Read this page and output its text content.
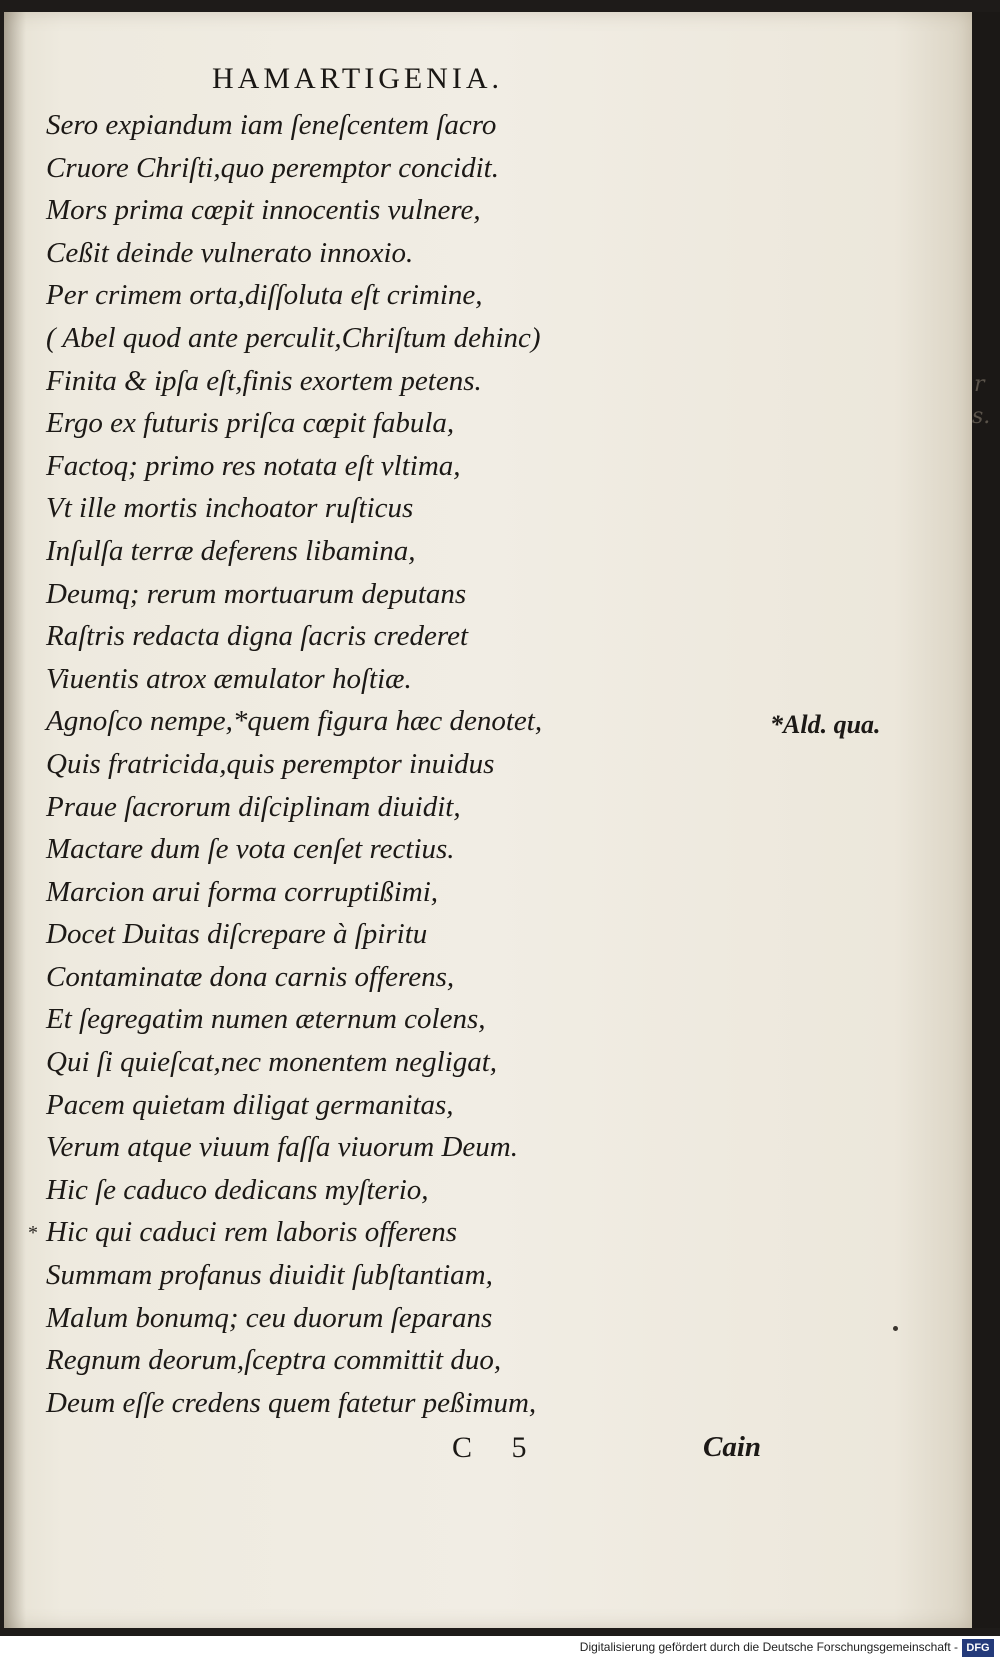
r
s.
HAMARTIGENIA.
Sero expiandum iam ſeneſcentem ſacro
Cruore Chriſti,quo peremptor concidit.
Mors prima cœpit innocentis vulnere,
Ceßit deinde vulnerato innoxio.
Per crimem orta,diſſoluta eſt crimine,
( Abel quod ante perculit,Chriſtum dehinc)
Finita & ipſa eſt,finis exortem petens.
Ergo ex futuris priſca cœpit fabula,
Factoq; primo res notata eſt vltima,
Vt ille mortis inchoator ruſticus
Inſulſa terræ deferens libamina,
Deumq; rerum mortuarum deputans
Raſtris redacta digna ſacris crederet
Viuentis atrox æmulator hoſtiæ.
Agnoſco nempe,*quem figura hæc denotet,
Quis fratricida,quis peremptor inuidus
Praue ſacrorum diſciplinam diuidit,
Mactare dum ſe vota cenſet rectius.
Marcion arui forma corruptißimi,
Docet Duitas diſcrepare à ſpiritu
Contaminatæ dona carnis offerens,
Et ſegregatim numen æternum colens,
Qui ſi quieſcat,nec monentem negligat,
Pacem quietam diligat germanitas,
Verum atque viuum faſſa viuorum Deum.
Hic ſe caduco dedicans myſterio,
Hic qui caduci rem laboris offerens
Summam profanus diuidit ſubſtantiam,
Malum bonumq; ceu duorum ſeparans
Regnum deorum,ſceptra committit duo,
Deum eſſe credens quem fatetur peßimum,
*Ald. qua.
*
C 5	Cain
Digitalisierung gefördert durch die Deutsche Forschungsgemeinschaft - DFG
